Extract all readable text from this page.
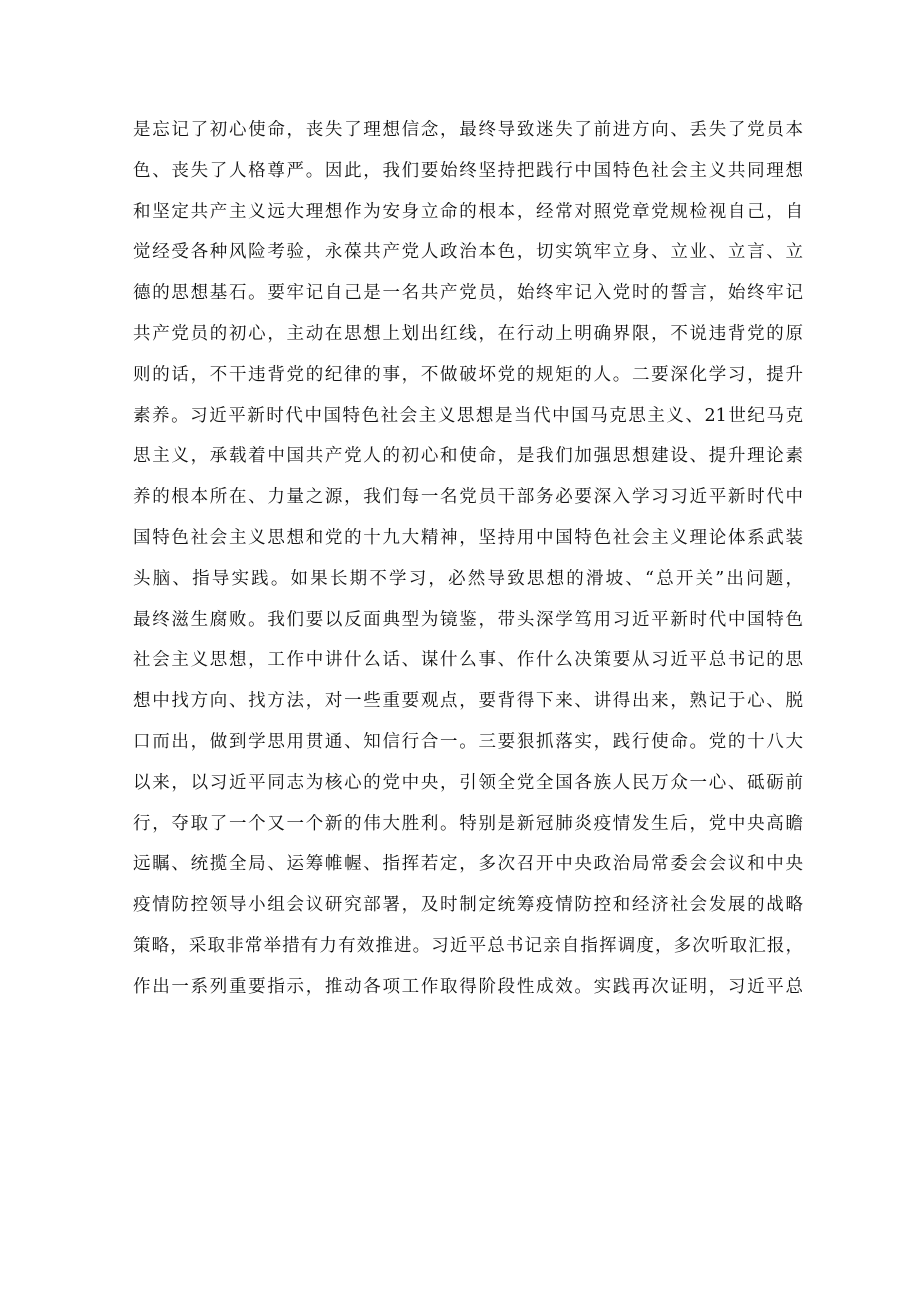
是忘记了初心使命，丧失了理想信念，最终导致迷失了前进方向、丢失了党员本
色、丧失了人格尊严。因此，我们要始终坚持把践行中国特色社会主义共同理想
和坚定共产主义远大理想作为安身立命的根本，经常对照党章党规检视自己，自
觉经受各种风险考验，永葆共产党人政治本色，切实筑牢立身、立业、立言、立
德的思想基石。要牢记自己是一名共产党员，始终牢记入党时的誓言，始终牢记
共产党员的初心，主动在思想上划出红线，在行动上明确界限，不说违背党的原
则的话，不干违背党的纪律的事，不做破坏党的规矩的人。二要深化学习，提升
素养。习近平新时代中国特色社会主义思想是当代中国马克思主义、21世纪马克
思主义，承载着中国共产党人的初心和使命，是我们加强思想建设、提升理论素
养的根本所在、力量之源，我们每一名党员干部务必要深入学习习近平新时代中
国特色社会主义思想和党的十九大精神，坚持用中国特色社会主义理论体系武装
头脑、指导实践。如果长期不学习，必然导致思想的滑坡、“总开关”出问题，
最终滋生腐败。我们要以反面典型为镜鉴，带头深学笃用习近平新时代中国特色
社会主义思想，工作中讲什么话、谋什么事、作什么决策要从习近平总书记的思
想中找方向、找方法，对一些重要观点，要背得下来、讲得出来，熟记于心、脱
口而出，做到学思用贯通、知信行合一。三要狠抓落实，践行使命。党的十八大
以来，以习近平同志为核心的党中央，引领全党全国各族人民万众一心、砥砺前
行，夺取了一个又一个新的伟大胜利。特别是新冠肺炎疫情发生后，党中央高瞻
远瞩、统揽全局、运筹帷幄、指挥若定，多次召开中央政治局常委会会议和中央
疫情防控领导小组会议研究部署，及时制定统筹疫情防控和经济社会发展的战略
策略，采取非常举措有力有效推进。习近平总书记亲自指挥调度，多次听取汇报，
作出一系列重要指示，推动各项工作取得阶段性成效。实践再次证明，习近平总
